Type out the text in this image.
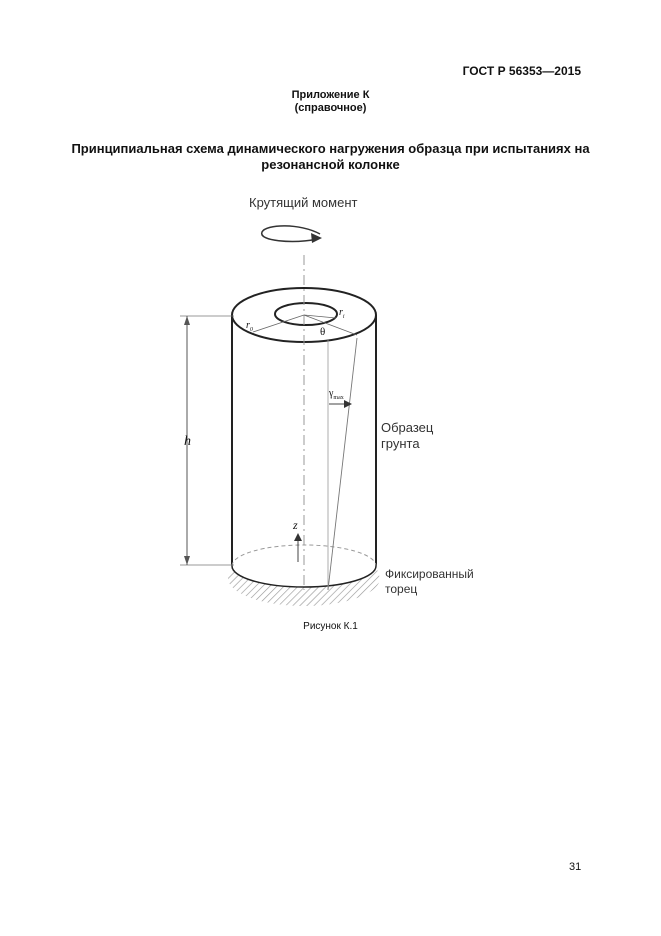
ГОСТ Р 56353—2015
Приложение К
(справочное)
Принципиальная схема динамического нагружения образца при испытаниях на резонансной колонке
Крутящий момент
h
z
$r_0$
$r_i$
θ
$\gamma_{max}$
Образец
грунта
Фиксированный
торец
Рисунок К.1
31
